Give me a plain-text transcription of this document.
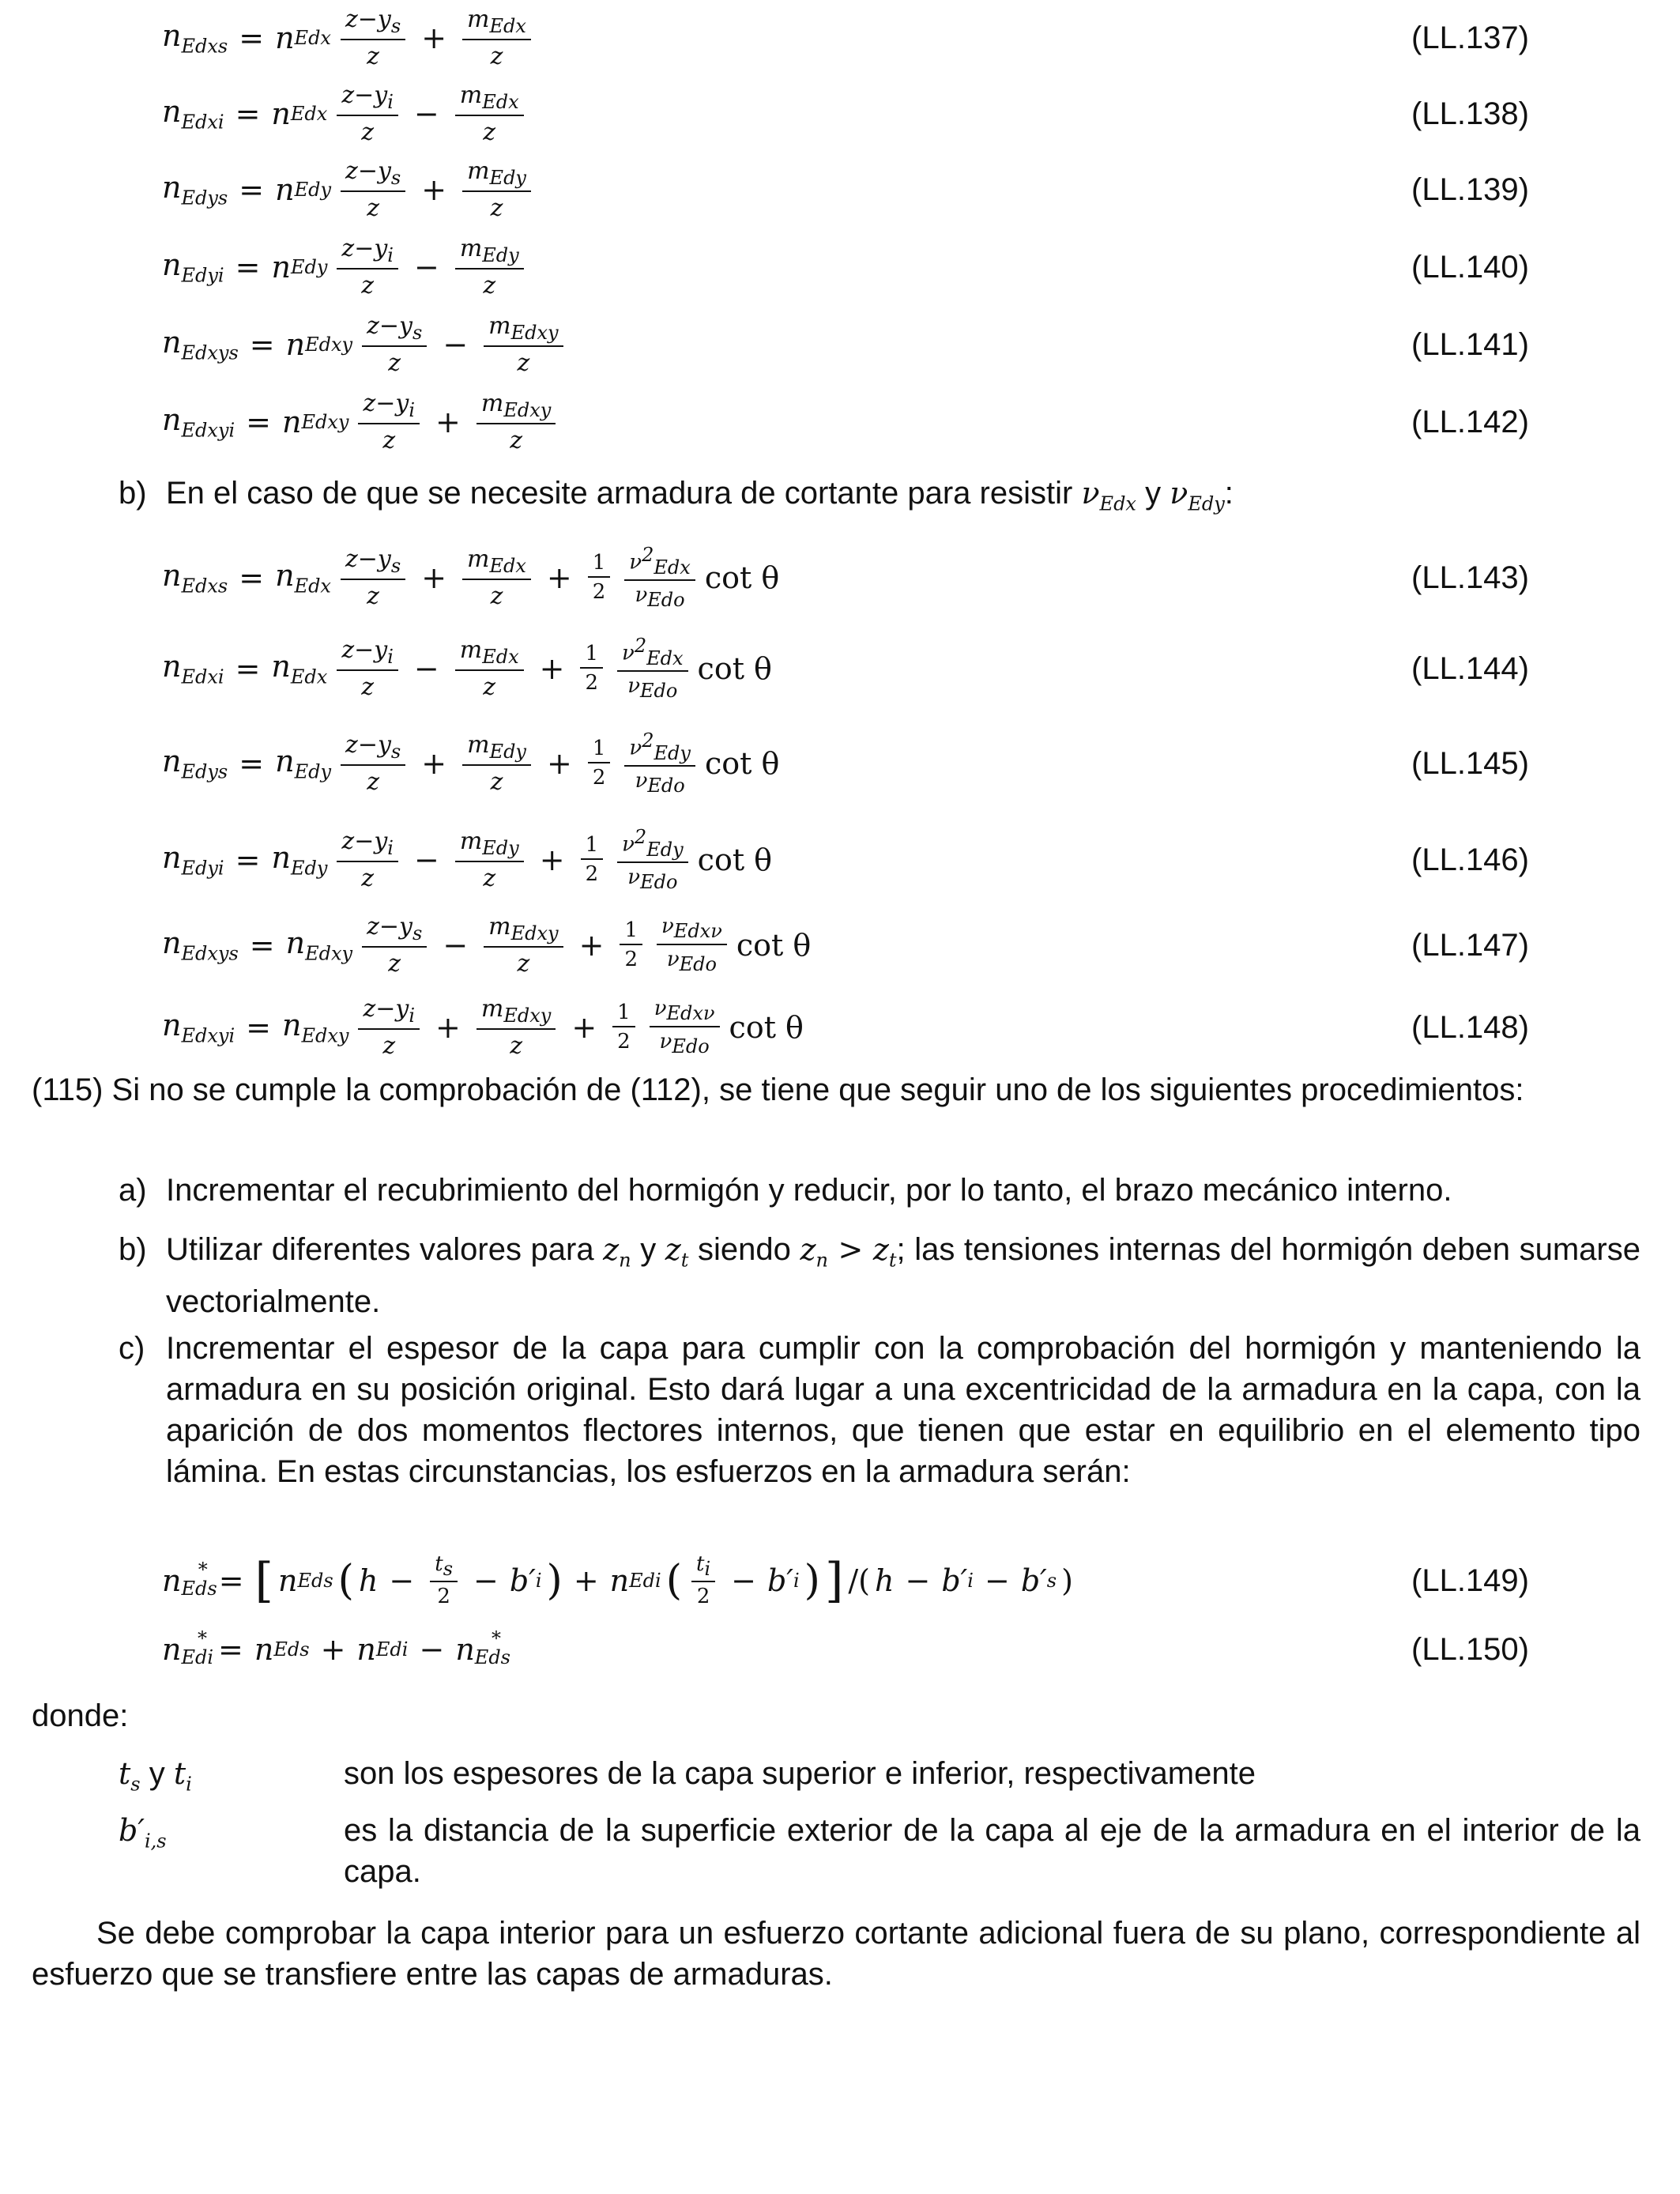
$n_{Edxs} = n$ Edx $\frac{z-y_s}{z} + \frac{m_{Edx}}{z}$	(LL.137)
$n_{Edxi} = n$ Edx $\frac{z-y_i}{z} - \frac{m_{Edx}}{z}$	(LL.138)
$n_{Edys} = n$ Edy $\frac{z-y_s}{z} + \frac{m_{Edy}}{z}$	(LL.139)
$n_{Edyi} = n$ Edy $\frac{z-y_i}{z} - \frac{m_{Edy}}{z}$	(LL.140)
$n_{Edxys} = n$ Edxy $\frac{z-y_s}{z} - \frac{m_{Edxy}}{z}$	(LL.141)
$n_{Edxyi} = n$ Edxy $\frac{z-y_i}{z} + \frac{m_{Edxy}}{z}$	(LL.142)
b) En el caso de que se necesite armadura de cortante para resistir $\nu_{Edx}$ y $\nu_{Edy}$:
$n_{Edxs} = n_{Edx} \frac{z-y_s}{z} + \frac{m_{Edx}}{z} + \frac{1}{2} \frac{\nu^2_{Edx}}{\nu_{Edo}}$ cot θ	(LL.143)
$n_{Edxi} = n_{Edx} \frac{z-y_i}{z} - \frac{m_{Edx}}{z} + \frac{1}{2} \frac{\nu^2_{Edx}}{\nu_{Edo}}$ cot θ	(LL.144)
$n_{Edys} = n_{Edy} \frac{z-y_s}{z} + \frac{m_{Edy}}{z} + \frac{1}{2} \frac{\nu^2_{Edy}}{\nu_{Edo}}$ cot θ	(LL.145)
$n_{Edyi} = n_{Edy} \frac{z-y_i}{z} - \frac{m_{Edy}}{z} + \frac{1}{2} \frac{\nu^2_{Edy}}{\nu_{Edo}}$ cot θ	(LL.146)
$n_{Edxys} = n_{Edxy} \frac{z-y_s}{z} - \frac{m_{Edxy}}{z} + \frac{1}{2} \frac{\nu_{Edx\nu}}{\nu_{Edo}}$ cot θ	(LL.147)
$n_{Edxyi} = n_{Edxy} \frac{z-y_i}{z} + \frac{m_{Edxy}}{z} + \frac{1}{2} \frac{\nu_{Edx\nu}}{\nu_{Edo}}$ cot θ	(LL.148)
(115) Si no se cumple la comprobación de (112), se tiene que seguir uno de los siguientes procedimientos:
a) Incrementar el recubrimiento del hormigón y reducir, por lo tanto, el brazo mecánico interno.
b) Utilizar diferentes valores para $z_n$ y $z_t$ siendo $z_n > z_t$; las tensiones internas del hormigón deben sumarse vectorialmente.
c) Incrementar el espesor de la capa para cumplir con la comprobación del hormigón y manteniendo la armadura en su posición original. Esto dará lugar a una excentricidad de la armadura en la capa, con la aparición de dos momentos flectores internos, que tienen que estar en equilibrio en el elemento tipo lámina. En estas circunstancias, los esfuerzos en la armadura serán:
$n_{Eds}$
* = [ n Eds ( $h - \frac{t_s}{2} - b'$ i ) + n Edi ( $\frac{t_i}{2} - b'$ i ) ] /( h − b′ i − b′ s )	(LL.149)
$n_{Edi}$
* = n Eds + n Edi − $n_{Eds}$
*	(LL.150)
donde:
$t_s$ y $t_i$	son los espesores de la capa superior e inferior, respectivamente
$b'_{i,s}$	es la distancia de la superficie exterior de la capa al eje de la armadura en el interior de la capa.
Se debe comprobar la capa interior para un esfuerzo cortante adicional fuera de su plano, correspondiente al esfuerzo que se transfiere entre las capas de armaduras.
